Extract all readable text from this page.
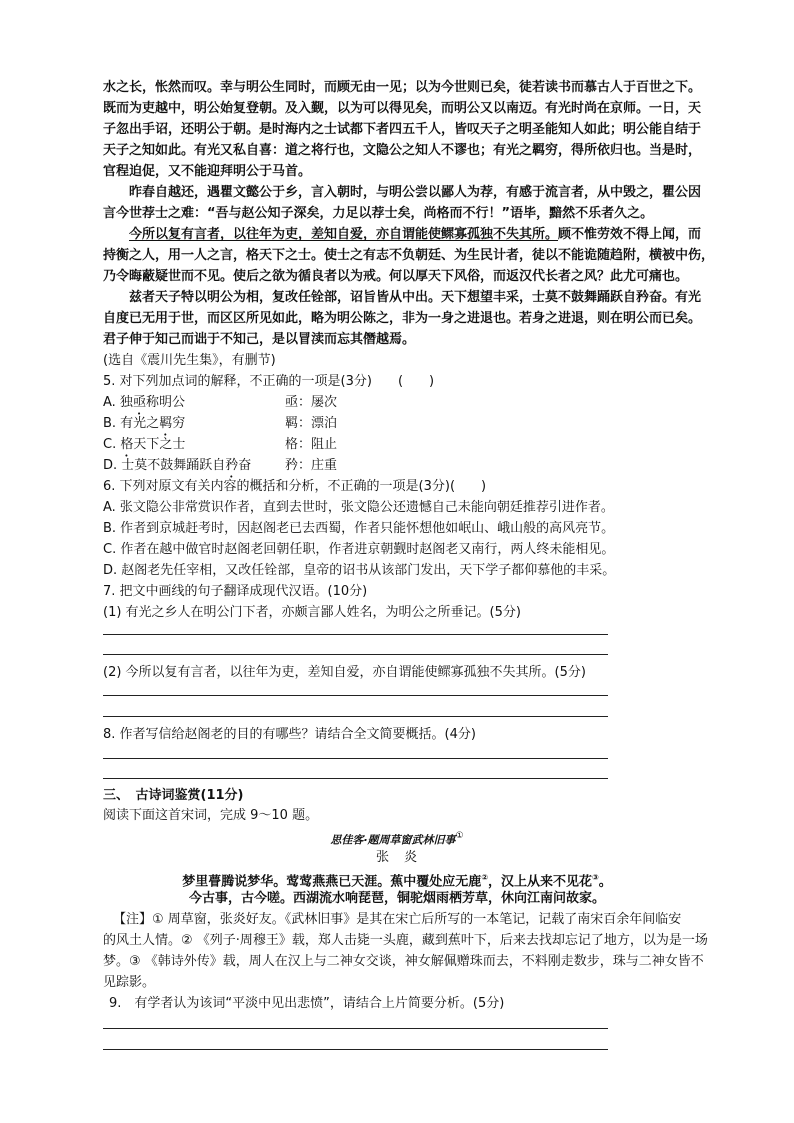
水之长，怅然而叹。幸与明公生同时，而顾无由一见；以为今世则已矣，徒若读书而慕古人于百世之下。
既而为吏越中，明公始复登朝。及入觐，以为可以得见矣，而明公又以南迈。有光时尚在京师。一日，天
子忽出手诏，还明公于朝。是时海内之士试都下者四五千人，皆叹天子之明圣能知人如此；明公能自结于
天子之知如此。有光又私自喜：道之将行也，文隐公之知人不谬也；有光之羁穷，得所依归也。当是时，
官程迫促，又不能迎拜明公于马首。
昨春自越还，遇瞿文懿公于乡，言入朝时，与明公尝以鄙人为荐，有感于流言者，从中毁之，瞿公因
言今世荐士之难：“吾与赵公知子深矣，力足以荐士矣，尚格而不行！”语毕，黯然不乐者久之。
今所以复有言者，以往年为吏，差知自爱，亦自谓能使鳏寡孤独不失其所。顾不惟劳效不得上闻，而
持衡之人，用一人之言，格天下之士。使士之有志不负朝廷、为生民计者，徒以不能诡随趋附，横被中伤，
乃令晦蔽疑世而不见。使后之欲为循良者以为戒。何以厚天下风俗，而返汉代长者之风？此尤可痛也。
兹者天子特以明公为相，复改任铨部，诏旨皆从中出。天下想望丰采，士莫不鼓舞踊跃自矜奋。有光
自度已无用于世，而区区所见如此，略为明公陈之，非为一身之进退也。若身之进退，则在明公而已矣。
君子伸于知己而诎于不知己，是以冒渎而忘其僭越焉。
(选自《震川先生集》，有删节)
5. 对下列加点词的解释，不正确的一项是(3分)　　(　　)
A. 独亟称明公	亟：屡次
B. 有光之羁穷	羁：漂泊
C. 格天下之士	格：阻止
D. 士莫不鼓舞踊跃自矜奋	矜：庄重
6. 下列对原文有关内容的概括和分析，不正确的一项是(3分)(　　)
A. 张文隐公非常赏识作者，直到去世时，张文隐公还遗憾自己未能向朝廷推荐引进作者。
B. 作者到京城赶考时，因赵阁老已去西蜀，作者只能怀想他如岷山、峨山般的高风亮节。
C. 作者在越中做官时赵阁老回朝任职，作者进京朝觐时赵阁老又南行，两人终未能相见。
D. 赵阁老先任宰相，又改任铨部，皇帝的诏书从该部门发出，天下学子都仰慕他的丰采。
7. 把文中画线的句子翻译成现代汉语。(10分)
(1) 有光之乡人在明公门下者，亦颇言鄙人姓名，为明公之所垂记。(5分)
(2) 今所以复有言者，以往年为吏，差知自爱，亦自谓能使鳏寡孤独不失其所。(5分)
8. 作者写信给赵阁老的目的有哪些？请结合全文简要概括。(4分)
三、　古诗词鉴赏(11分)
阅读下面这首宋词，完成 9～10 题。
思佳客·题周草窗武林旧事①
张　炎
梦里瞢腾说梦华。莺莺燕燕已天涯。蕉中覆处应无鹿②，汉上从来不见花③。
今古事，古今嗟。西湖流水响琵琶，铜驼烟雨栖芳草，休向江南问故家。
【注】① 周草窗，张炎好友。《武林旧事》是其在宋亡后所写的一本笔记，记载了南宋百余年间临安
的风土人情。② 《列子·周穆王》载，郑人击毙一头鹿，藏到蕉叶下，后来去找却忘记了地方，以为是一场
梦。③ 《韩诗外传》载，周人在汉上与二神女交谈，神女解佩赠珠而去，不料刚走数步，珠与二神女皆不
见踪影。
9.　有学者认为该词“平淡中见出悲愤”，请结合上片简要分析。(5分)
